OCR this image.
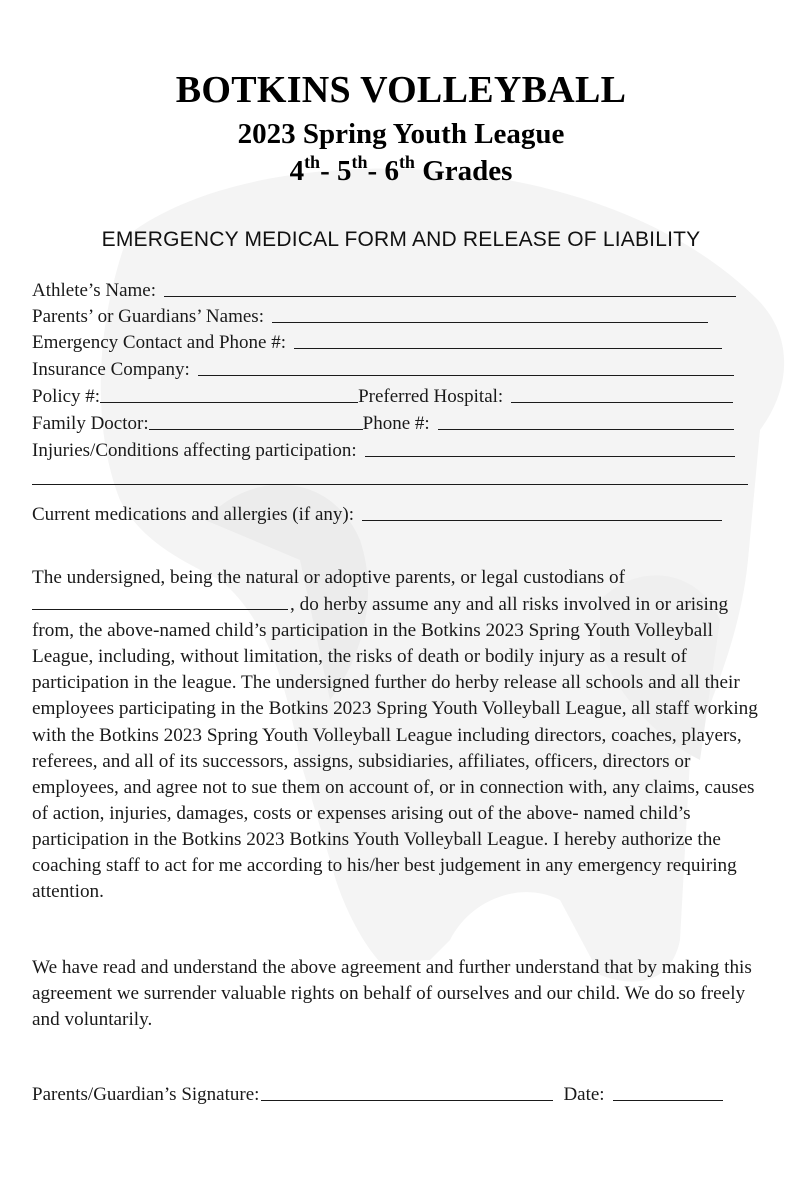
BOTKINS VOLLEYBALL
2023 Spring Youth League
4th- 5th- 6th Grades
EMERGENCY MEDICAL FORM AND RELEASE OF LIABILITY
Athlete’s Name:
Parents’ or Guardians’ Names:
Emergency Contact and Phone #:
Insurance Company:
Policy #:	Preferred Hospital:
Family Doctor:	Phone #:
Injuries/Conditions affecting participation:
Current medications and allergies (if any):
The undersigned, being the natural or adoptive parents, or legal custodians of , do herby assume any and all risks involved in or arising from, the above-named child’s participation in the Botkins 2023 Spring Youth Volleyball League, including, without limitation, the risks of death or bodily injury as a result of participation in the league. The undersigned further do herby release all schools and all their employees participating in the Botkins 2023 Spring Youth Volleyball League, all staff working with the Botkins 2023 Spring Youth Volleyball League including directors, coaches, players, referees, and all of its successors, assigns, subsidiaries, affiliates, officers, directors or employees, and agree not to sue them on account of, or in connection with, any claims, causes of action, injuries, damages, costs or expenses arising out of the above- named child’s participation in the Botkins 2023 Botkins Youth Volleyball League. I hereby authorize the coaching staff to act for me according to his/her best judgement in any emergency requiring attention.
We have read and understand the above agreement and further understand that by making this agreement we surrender valuable rights on behalf of ourselves and our child. We do so freely and voluntarily.
Parents/Guardian’s Signature:	Date:
